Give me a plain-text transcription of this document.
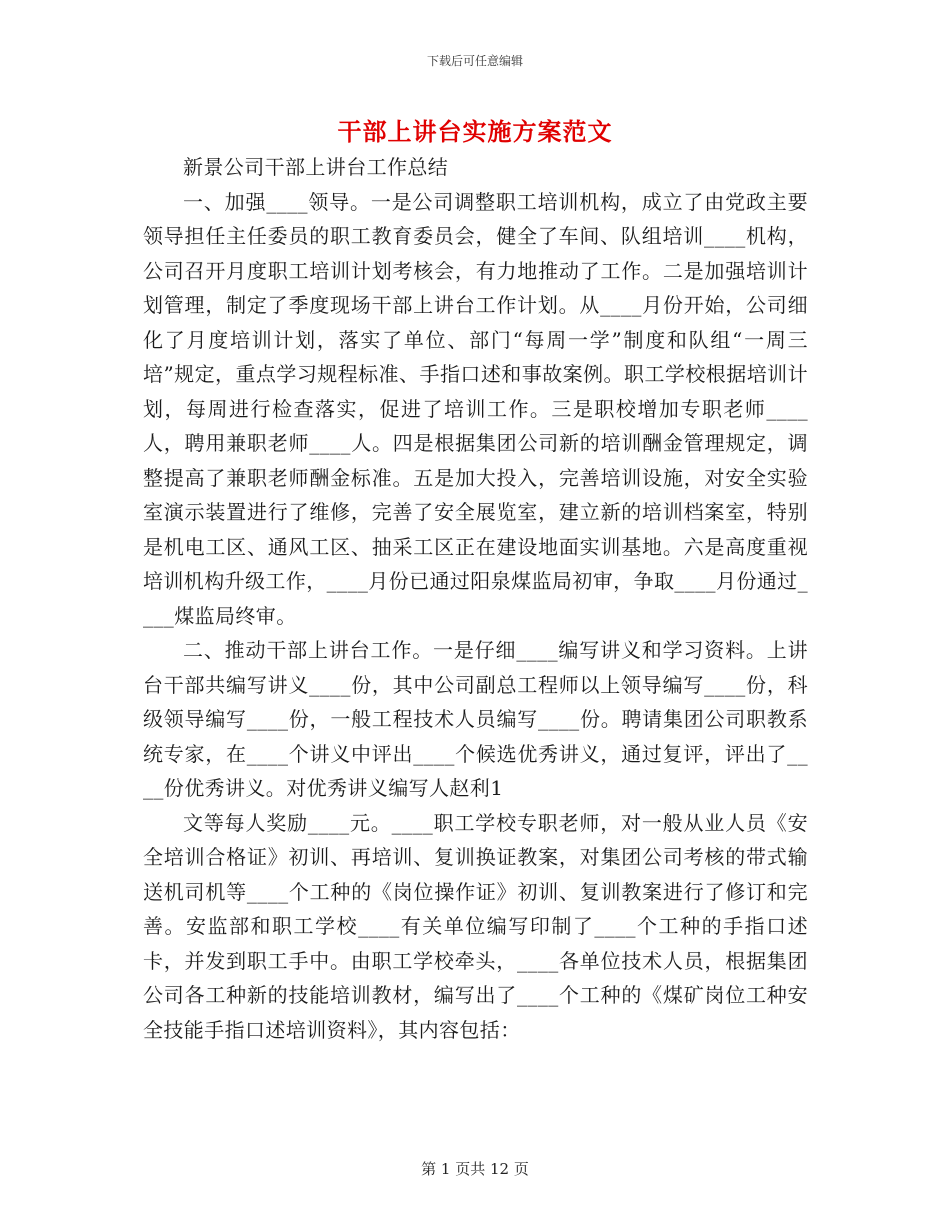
下载后可任意编辑
干部上讲台实施方案范文

新景公司干部上讲台工作总结

一、加强____领导。一是公司调整职工培训机构，成立了由党政主要领导担任主任委员的职工教育委员会，健全了车间、队组培训____机构，公司召开月度职工培训计划考核会，有力地推动了工作。二是加强培训计划管理，制定了季度现场干部上讲台工作计划。从____月份开始，公司细化了月度培训计划，落实了单位、部门“每周一学”制度和队组“一周三培”规定，重点学习规程标准、手指口述和事故案例。职工学校根据培训计划，每周进行检查落实，促进了培训工作。三是职校增加专职老师____人，聘用兼职老师____人。四是根据集团公司新的培训酬金管理规定，调整提高了兼职老师酬金标准。五是加大投入，完善培训设施，对安全实验室演示装置进行了维修，完善了安全展览室，建立新的培训档案室，特别是机电工区、通风工区、抽采工区正在建设地面实训基地。六是高度重视培训机构升级工作，____月份已通过阳泉煤监局初审，争取____月份通过____煤监局终审。

二、推动干部上讲台工作。一是仔细____编写讲义和学习资料。上讲台干部共编写讲义____份，其中公司副总工程师以上领导编写____份，科级领导编写____份，一般工程技术人员编写____份。聘请集团公司职教系统专家，在____个讲义中评出____个候选优秀讲义，通过复评，评出了____份优秀讲义。对优秀讲义编写人赵利1

文等每人奖励____元。____职工学校专职老师，对一般从业人员《安全培训合格证》初训、再培训、复训换证教案，对集团公司考核的带式输送机司机等____个工种的《岗位操作证》初训、复训教案进行了修订和完善。安监部和职工学校____有关单位编写印制了____个工种的手指口述卡，并发到职工手中。由职工学校牵头，____各单位技术人员，根据集团公司各工种新的技能培训教材，编写出了____个工种的《煤矿岗位工种安全技能手指口述培训资料》，其内容包括：

第 1 页共 12 页
